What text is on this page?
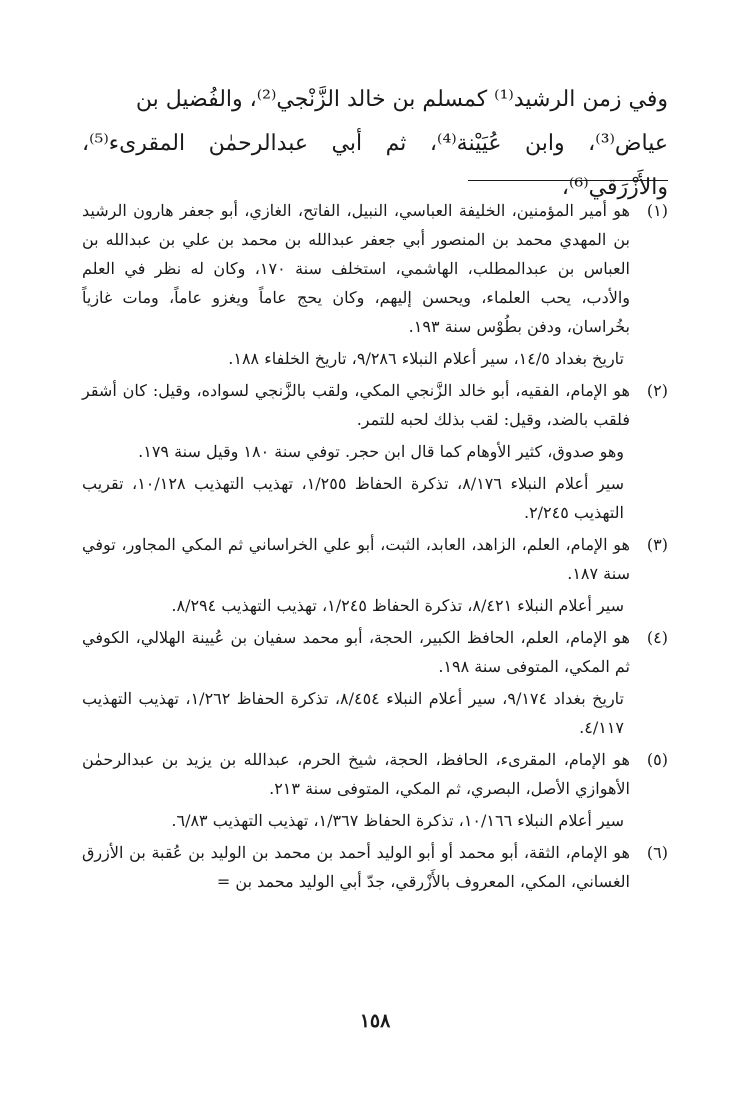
وفي زمن الرشيد⁽¹⁾ كمسلم بن خالد الزَّنْجي⁽²⁾، والفُضيل بن

عياض⁽³⁾، وابن عُيَيْنة⁽⁴⁾، ثم أبي عبدالرحمٰن المقرىء⁽⁵⁾، والأَزْرَقي⁽⁶⁾،

(١)

هو أمير المؤمنين، الخليفة العباسي، النبيل، الفاتح، الغازي، أبو جعفر هارون الرشيد بن المهدي محمد بن المنصور أبي جعفر عبدالله بن محمد بن علي بن عبدالله بن العباس بن عبدالمطلب، الهاشمي، استخلف سنة ١٧٠، وكان له نظر في العلم والأدب، يحب العلماء، ويحسن إليهم، وكان يحج عاماً ويغزو عاماً، ومات غازياً بخُراسان، ودفن بطُوْس سنة ١٩٣.

تاريخ بغداد ١٤/٥، سير أعلام النبلاء ٩/٢٨٦، تاريخ الخلفاء ١٨٨.

(٢)

هو الإمام، الفقيه، أبو خالد الزَّنجي المكي، ولقب بالزَّنجي لسواده، وقيل: كان أشقر فلقب بالضد، وقيل: لقب بذلك لحبه للتمر.

وهو صدوق، كثير الأوهام كما قال ابن حجر. توفي سنة ١٨٠ وقيل سنة ١٧٩.

سير أعلام النبلاء ٨/١٧٦، تذكرة الحفاظ ١/٢٥٥، تهذيب التهذيب ١٠/١٢٨، تقريب التهذيب ٢/٢٤٥.

(٣)

هو الإمام، العلم، الزاهد، العابد، الثبت، أبو علي الخراساني ثم المكي المجاور، توفي سنة ١٨٧.

سير أعلام النبلاء ٨/٤٢١، تذكرة الحفاظ ١/٢٤٥، تهذيب التهذيب ٨/٢٩٤.

(٤)

هو الإمام، العلم، الحافظ الكبير، الحجة، أبو محمد سفيان بن عُيينة الهلالي، الكوفي ثم المكي، المتوفى سنة ١٩٨.

تاريخ بغداد ٩/١٧٤، سير أعلام النبلاء ٨/٤٥٤، تذكرة الحفاظ ١/٢٦٢، تهذيب التهذيب ٤/١١٧.

(٥)

هو الإمام، المقرىء، الحافظ، الحجة، شيخ الحرم، عبدالله بن يزيد بن عبدالرحمٰن الأهوازي الأصل، البصري، ثم المكي، المتوفى سنة ٢١٣.

سير أعلام النبلاء ١٠/١٦٦، تذكرة الحفاظ ١/٣٦٧، تهذيب التهذيب ٦/٨٣.

(٦)

هو الإمام، الثقة، أبو محمد أو أبو الوليد أحمد بن محمد بن الوليد بن عُقبة بن الأزرق الغساني، المكي، المعروف بالأَزْرقي، جدّ أبي الوليد محمد بن =

١٥٨
